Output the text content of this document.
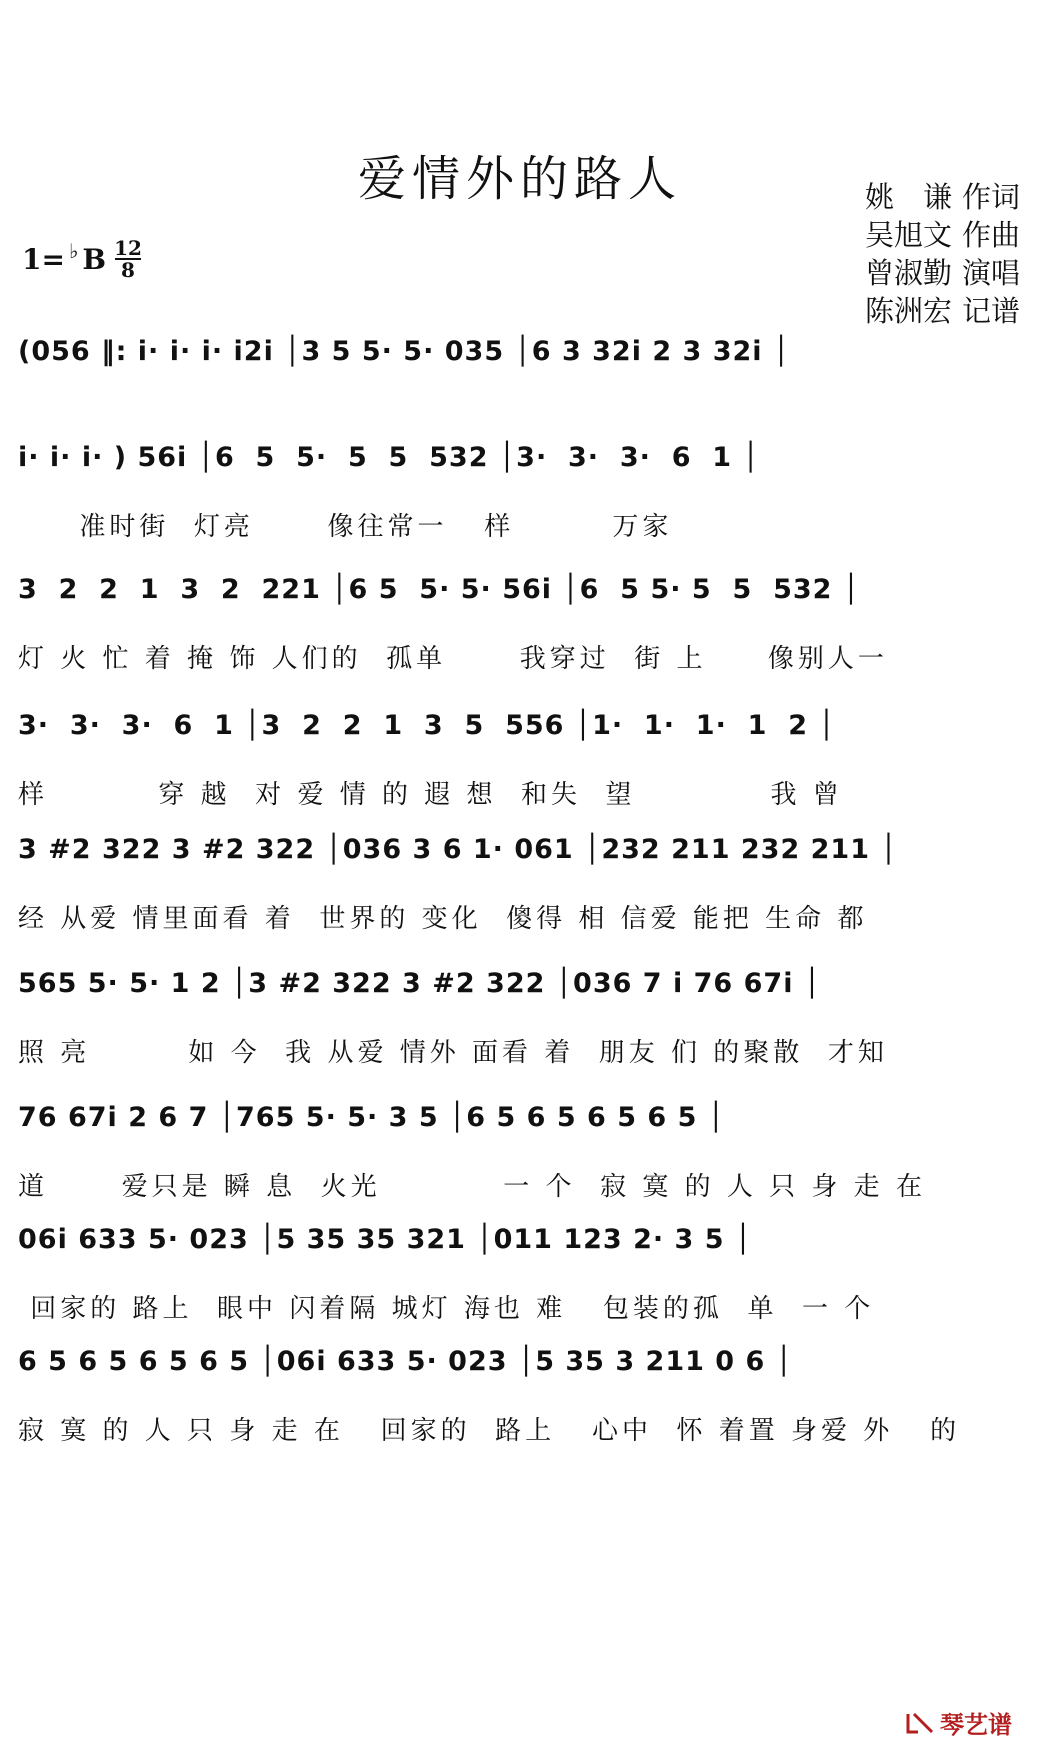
爱情外的路人	姚　谦 作词
吴旭文 作曲
曾淑勤 演唱
陈洲宏 记谱
1= ♭ B $\frac{12}{8}$
(056 ‖: i· i· i· i2i │3 5 5· 5· 035 │6 3 32i 2 3 32i │
i· i· i· ) 56i │6  5  5·  5  5  532 │3·  3·  3·  6  1 │
准时街  灯亮      像往常一   样        万家
3  2  2  1  3  2  221 │6 5  5· 5· 56i │6  5 5· 5  5  532 │
灯 火 忙 着 掩 饰 人们的  孤单      我穿过  街 上     像别人一
3·  3·  3·  6  1 │3  2  2  1  3  5  556 │1·  1·  1·  1  2 │
样         穿 越  对 爱 情 的 遐 想  和失  望           我 曾
3 #2 322 3 #2 322 │036 3 6 1· 061 │232 211 232 211 │
经 从爱 情里面看 着  世界的 变化  傻得 相 信爱 能把 生命 都
565 5· 5· 1 2 │3 #2 322 3 #2 322 │036 7 i 76 67i │
照 亮        如 今  我 从爱 情外 面看 着  朋友 们 的聚散  才知
76 67i 2 6 7 │765 5· 5· 3 5 │6 5 6 5 6 5 6 5 │
道      爱只是 瞬 息  火光          一 个  寂 寞 的 人 只 身 走 在
06i 633 5· 023 │5 35 35 321 │011 123 2· 3 5 │
回家的 路上  眼中 闪着隔 城灯 海也 难   包装的孤  单  一 个
6 5 6 5 6 5 6 5 │06i 633 5· 023 │5 35 3 211 0 6 │
寂 寞 的 人 只 身 走 在   回家的  路上   心中  怀 着置 身爱 外   的
琴艺谱
